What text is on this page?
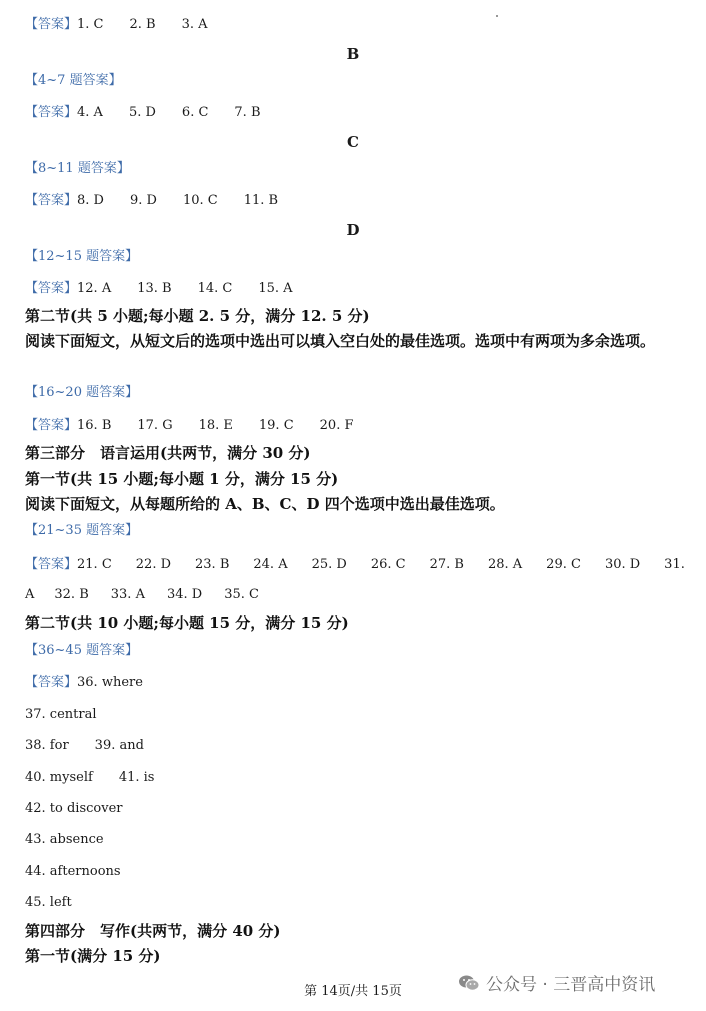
【答案】1. C 2. B 3. A
B
【4~7 题答案】
【答案】4. A 5. D 6. C 7. B
C
【8~11 题答案】
【答案】8. D 9. D 10. C 11. B
D
【12~15 题答案】
【答案】12. A 13. B 14. C 15. A
第二节(共 5 小题;每小题 2. 5 分，满分 12. 5 分)
阅读下面短文，从短文后的选项中选出可以填入空白处的最佳选项。选项中有两项为多余选项。
【16~20 题答案】
【答案】16. B 17. G 18. E 19. C 20. F
第三部分　语言运用(共两节，满分 30 分)
第一节(共 15 小题;每小题 1 分，满分 15 分)
阅读下面短文，从每题所给的 A、B、C、D 四个选项中选出最佳选项。
【21~35 题答案】
【答案】21. C 22. D 23. B 24. A 25. D 26. C 27. B 28. A 29. C 30. D 31.
A 32. B 33. A 34. D 35. C
第二节(共 10 小题;每小题 15 分，满分 15 分)
【36~45 题答案】
【答案】36. where
37. central
38. for 39. and
40. myself 41. is
42. to discover
43. absence
44. afternoons
45. left
第四部分　写作(共两节，满分 40 分)
第一节(满分 15 分)
第 14页/共 15页	公众号 · 三晋高中资讯
